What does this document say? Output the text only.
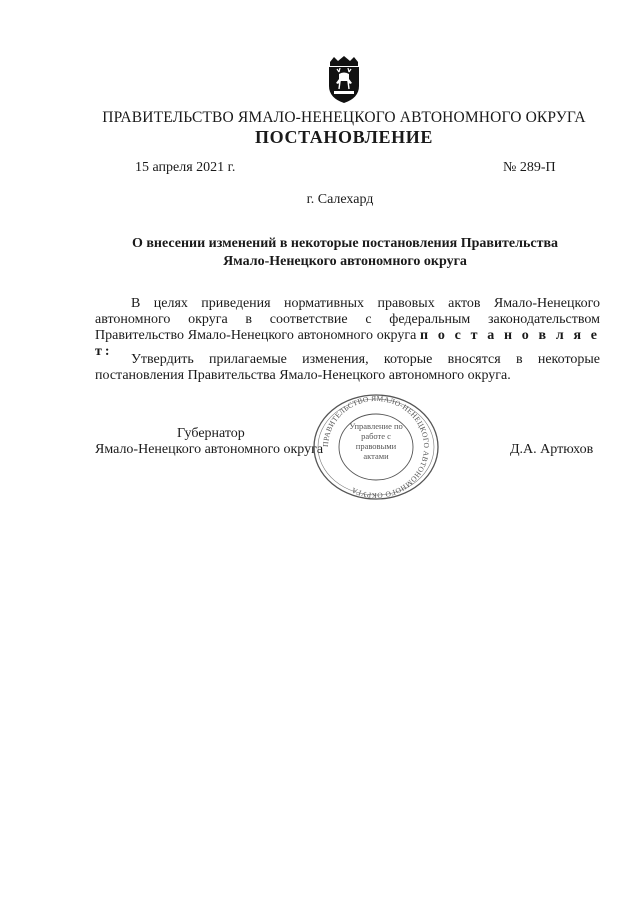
ПРАВИТЕЛЬСТВО ЯМАЛО-НЕНЕЦКОГО АВТОНОМНОГО ОКРУГА
ПОСТАНОВЛЕНИЕ
15 апреля 2021 г.	№ 289-П
г. Салехард
О внесении изменений в некоторые постановления Правительства
Ямало-Ненецкого автономного округа
В целях приведения нормативных правовых актов Ямало-Ненецкого автономного округа в соответствие с федеральным законодательством Правительство Ямало-Ненецкого автономного округа п о с т а н о в л я е т:
Утвердить прилагаемые изменения, которые вносятся в некоторые постановления Правительства Ямало-Ненецкого автономного округа.
Губернатор
Ямало-Ненецкого автономного округа	Д.А. Артюхов
ПРАВИТЕЛЬСТВО ЯМАЛО-НЕНЕЦКОГО АВТОНОМНОГО ОКРУГА
Управление по работе с правовыми актами
